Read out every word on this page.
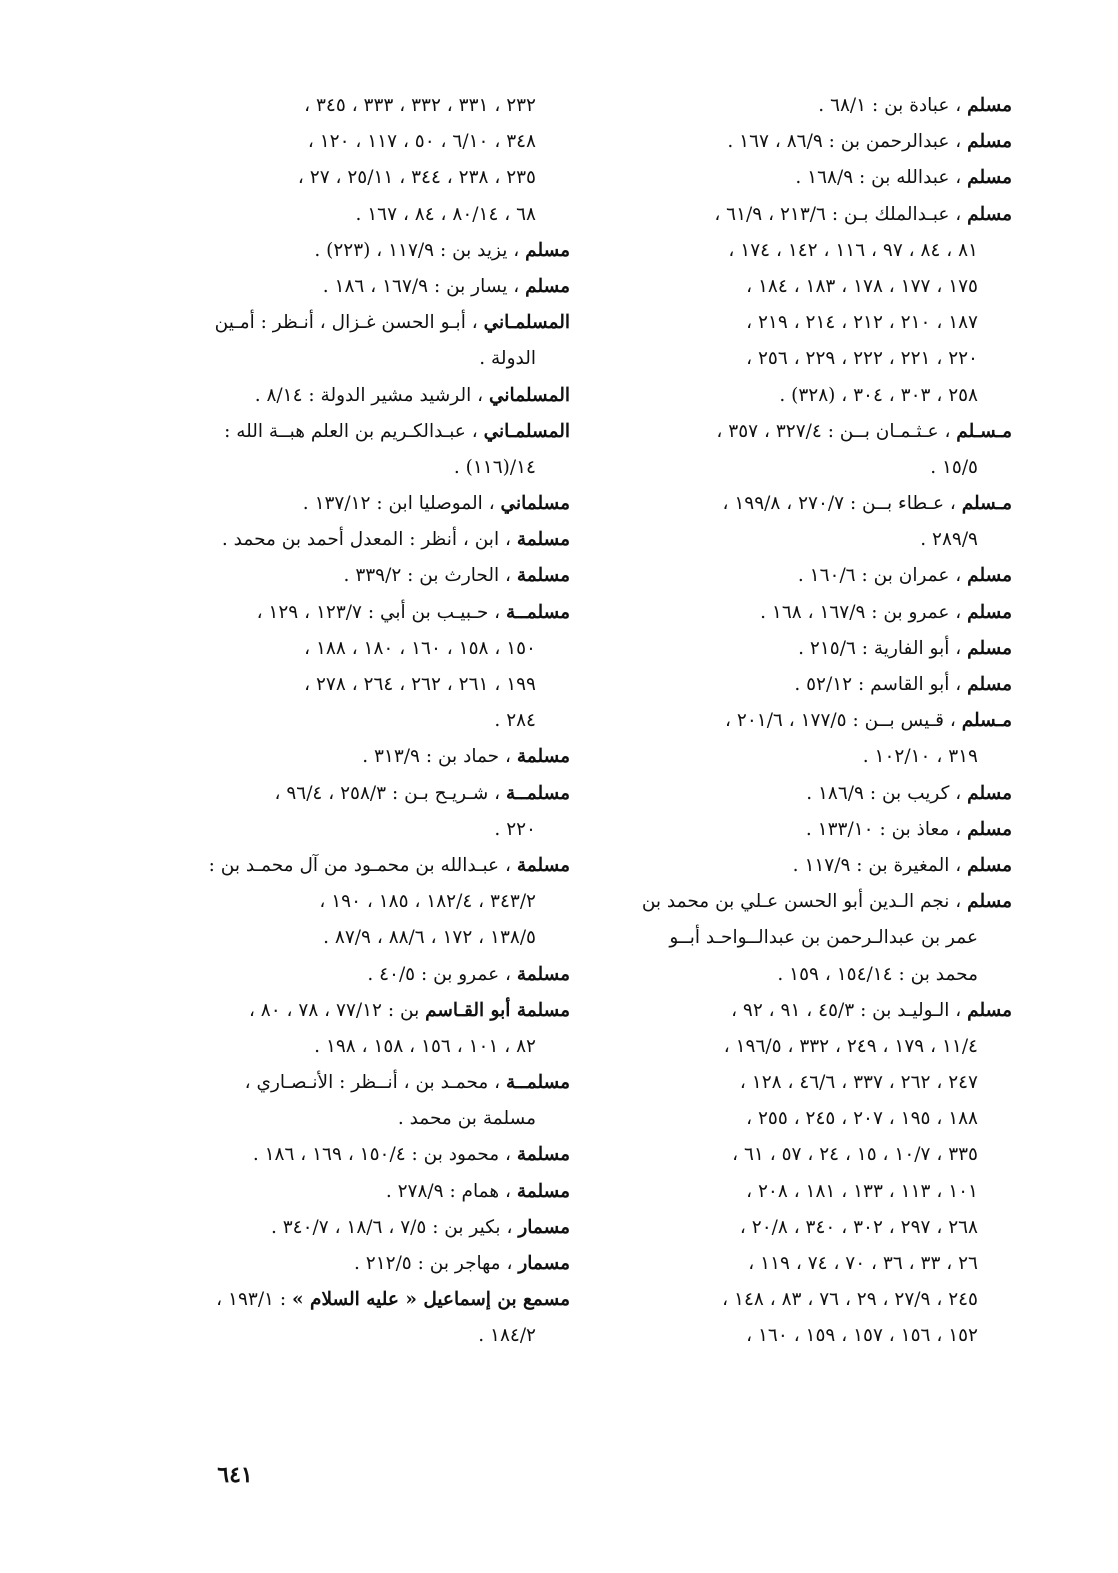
مسلم ، عبادة بن : ٦٨/١ .
مسلم ، عبدالرحمن بن : ٨٦/٩ ، ١٦٧ .
مسلم ، عبدالله بن : ١٦٨/٩ .
مسلم ، عبـدالملك بـن : ٢١٣/٦ ، ٦١/٩ ،
٨١ ، ٨٤ ، ٩٧ ، ١١٦ ، ١٤٢ ، ١٧٤ ،
١٧٥ ، ١٧٧ ، ١٧٨ ، ١٨٣ ، ١٨٤ ،
١٨٧ ، ٢١٠ ، ٢١٢ ، ٢١٤ ، ٢١٩ ،
٢٢٠ ، ٢٢١ ، ٢٢٢ ، ٢٢٩ ، ٢٥٦ ،
٢٥٨ ، ٣٠٣ ، ٣٠٤ ، (٣٢٨) .
مـسـلم ، عـثـمـان بــن : ٣٢٧/٤ ، ٣٥٧ ،
١٥/٥ .
مـسلم ، عـطاء بــن : ٢٧٠/٧ ، ١٩٩/٨ ،
٢٨٩/٩ .
مسلم ، عمران بن : ١٦٠/٦ .
مسلم ، عمرو بن : ١٦٧/٩ ، ١٦٨ .
مسلم ، أبو الفارية : ٢١٥/٦ .
مسلم ، أبو القاسم : ٥٢/١٢ .
مـسلم ، قـيس بــن : ١٧٧/٥ ، ٢٠١/٦ ،
٣١٩ ، ١٠٢/١٠ .
مسلم ، كريب بن : ١٨٦/٩ .
مسلم ، معاذ بن : ١٣٣/١٠ .
مسلم ، المغيرة بن : ١١٧/٩ .
مسلم ، نجم الـدين أبو الحسن عـلي بن محمد بن
عمر بن عبدالـرحمن بن عبدالــواحـد أبــو
محمد بن : ١٥٤/١٤ ، ١٥٩ .
مسلم ، الـوليـد بن : ٤٥/٣ ، ٩١ ، ٩٢ ،
١١/٤ ، ١٧٩ ، ٢٤٩ ، ٣٣٢ ، ١٩٦/٥ ،
٢٤٧ ، ٢٦٢ ، ٣٣٧ ، ٤٦/٦ ، ١٢٨ ،
١٨٨ ، ١٩٥ ، ٢٠٧ ، ٢٤٥ ، ٢٥٥ ،
٣٣٥ ، ١٠/٧ ، ١٥ ، ٢٤ ، ٥٧ ، ٦١ ،
١٠١ ، ١١٣ ، ١٣٣ ، ١٨١ ، ٢٠٨ ،
٢٦٨ ، ٢٩٧ ، ٣٠٢ ، ٣٤٠ ، ٢٠/٨ ،
٢٦ ، ٣٣ ، ٣٦ ، ٧٠ ، ٧٤ ، ١١٩ ،
٢٤٥ ، ٢٧/٩ ، ٢٩ ، ٧٦ ، ٨٣ ، ١٤٨ ،
١٥٢ ، ١٥٦ ، ١٥٧ ، ١٥٩ ، ١٦٠ ،
٢٣٢ ، ٣٣١ ، ٣٣٢ ، ٣٣٣ ، ٣٤٥ ،
٣٤٨ ، ٦/١٠ ، ٥٠ ، ١١٧ ، ١٢٠ ،
٢٣٥ ، ٢٣٨ ، ٣٤٤ ، ٢٥/١١ ، ٢٧ ،
٦٨ ، ٨٠/١٤ ، ٨٤ ، ١٦٧ .
مسلم ، يزيد بن : ١١٧/٩ ، (٢٢٣) .
مسلم ، يسار بن : ١٦٧/٩ ، ١٨٦ .
المسلمـاني ، أبـو الحسن غـزال ، أنـظر : أمـين
الدولة .
المسلماني ، الرشيد مشير الدولة : ٨/١٤ .
المسلمـاني ، عبـدالكـريم بن العلم هبــة الله :
١٤/(١١٦) .
مسلماني ، الموصليا ابن : ١٣٧/١٢ .
مسلمة ، ابن ، أنظر : المعدل أحمد بن محمد .
مسلمة ، الحارث بن : ٣٣٩/٢ .
مسلمــة ، حـبيـب بن أبي : ١٢٣/٧ ، ١٢٩ ،
١٥٠ ، ١٥٨ ، ١٦٠ ، ١٨٠ ، ١٨٨ ،
١٩٩ ، ٢٦١ ، ٢٦٢ ، ٢٦٤ ، ٢٧٨ ،
٢٨٤ .
مسلمة ، حماد بن : ٣١٣/٩ .
مسلمــة ، شـريـح بـن : ٢٥٨/٣ ، ٩٦/٤ ،
٢٢٠ .
مسلمة ، عبـدالله بن محمـود من آل محمـد بن :
٣٤٣/٢ ، ١٨٢/٤ ، ١٨٥ ، ١٩٠ ،
١٣٨/٥ ، ١٧٢ ، ٨٨/٦ ، ٨٧/٩ .
مسلمة ، عمرو بن : ٤٠/٥ .
مسلمة أبو القـاسم بن : ٧٧/١٢ ، ٧٨ ، ٨٠ ،
٨٢ ، ١٠١ ، ١٥٦ ، ١٥٨ ، ١٩٨ .
مسلمــة ، محمـد بن ، أنــظر : الأنـصـاري ،
مسلمة بن محمد .
مسلمة ، محمود بن : ١٥٠/٤ ، ١٦٩ ، ١٨٦ .
مسلمة ، همام : ٢٧٨/٩ .
مسمار ، بكير بن : ٧/٥ ، ١٨/٦ ، ٣٤٠/٧ .
مسمار ، مهاجر بن : ٢١٢/٥ .
مسمع بن إسماعيل « عليه السلام » : ١٩٣/١ ،
١٨٤/٢ .
٦٤١
